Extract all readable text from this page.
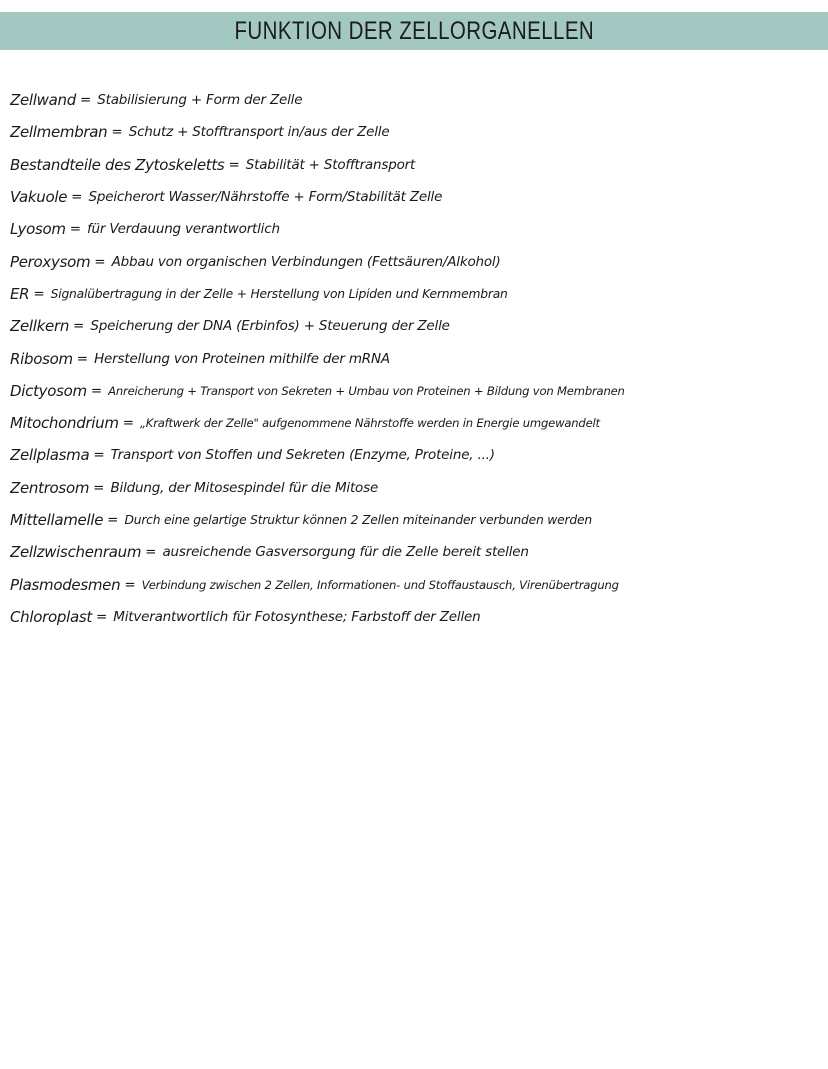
FUNKTION DER ZELLORGANELLEN
Zellwand = Stabilisierung + Form der Zelle
Zellmembran = Schutz + Stofftransport in/aus der Zelle
Bestandteile des Zytoskeletts = Stabilität + Stofftransport
Vakuole = Speicherort Wasser/Nährstoffe + Form/Stabilität Zelle
Lyosom = für Verdauung verantwortlich
Peroxysom = Abbau von organischen Verbindungen (Fettsäuren/Alkohol)
ER = Signalübertragung in der Zelle + Herstellung von Lipiden und Kernmembran
Zellkern = Speicherung der DNA (Erbinfos) + Steuerung der Zelle
Ribosom = Herstellung von Proteinen mithilfe der mRNA
Dictyosom = Anreicherung + Transport von Sekreten + Umbau von Proteinen + Bildung von Membranen
Mitochondrium = „Kraftwerk der Zelle" aufgenommene Nährstoffe werden in Energie umgewandelt
Zellplasma = Transport von Stoffen und Sekreten (Enzyme, Proteine, ...)
Zentrosom = Bildung, der Mitosespindel für die Mitose
Mittellamelle = Durch eine gelartige Struktur können 2 Zellen miteinander verbunden werden
Zellzwischenraum = ausreichende Gasversorgung für die Zelle bereit stellen
Plasmodesmen = Verbindung zwischen 2 Zellen, Informationen- und Stoffaustausch, Virenübertragung
Chloroplast = Mitverantwortlich für Fotosynthese; Farbstoff der Zellen
